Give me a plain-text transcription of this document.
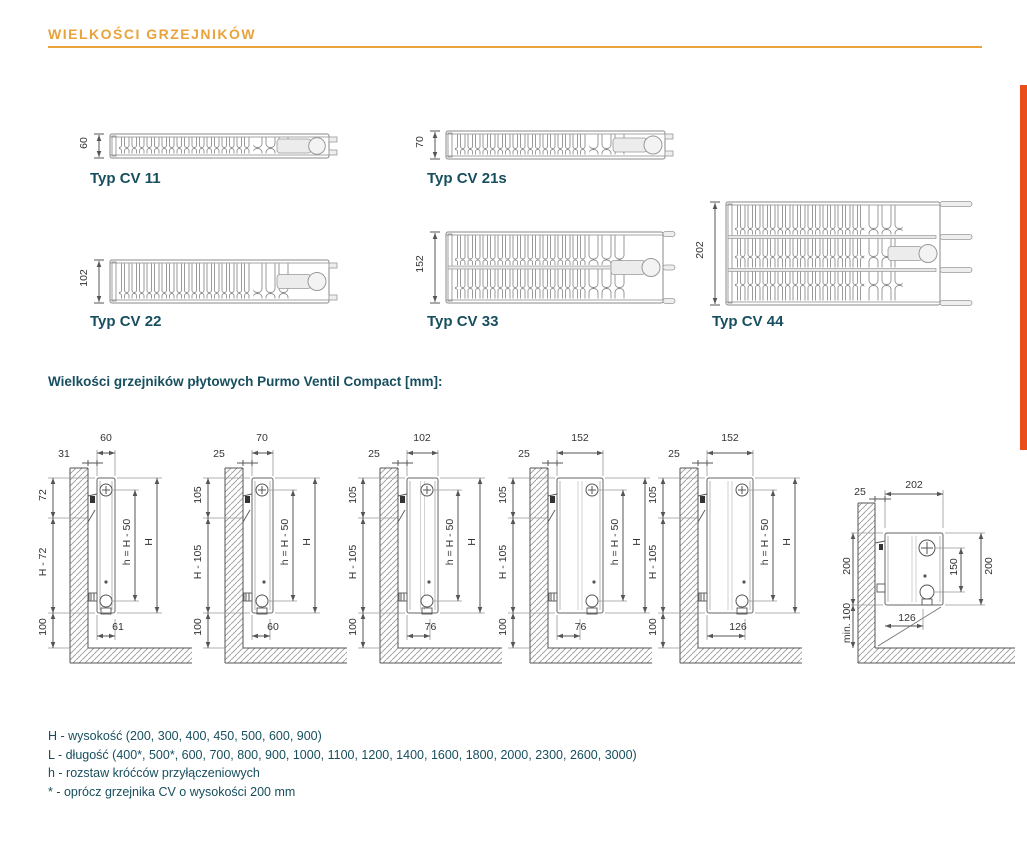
WIELKOŚCI GRZEJNIKÓW
60
Typ CV 11
70
Typ CV 21s
102
Typ CV 22
152
Typ CV 33
202
Typ CV 44
Wielkości grzejników płytowych Purmo Ventil Compact [mm]:
60
31
72
H - 72
100
h = H - 50 H
61
70
25
105
H - 105
100
h = H - 50 H
60
102
25
105
H - 105
100
h = H - 50 H
76
152
25
105
H - 105
100
h = H - 50 H
76
152
25
105
H - 105
100
h = H - 50 H
126
202
25
200
min. 100
150 200
126
H - wysokość (200, 300, 400, 450, 500, 600, 900)
L - długość (400*, 500*, 600, 700, 800, 900, 1000, 1100, 1200, 1400, 1600, 1800, 2000, 2300, 2600, 3000)
h - rozstaw króćców przyłączeniowych
* - oprócz grzejnika CV o wysokości 200 mm
